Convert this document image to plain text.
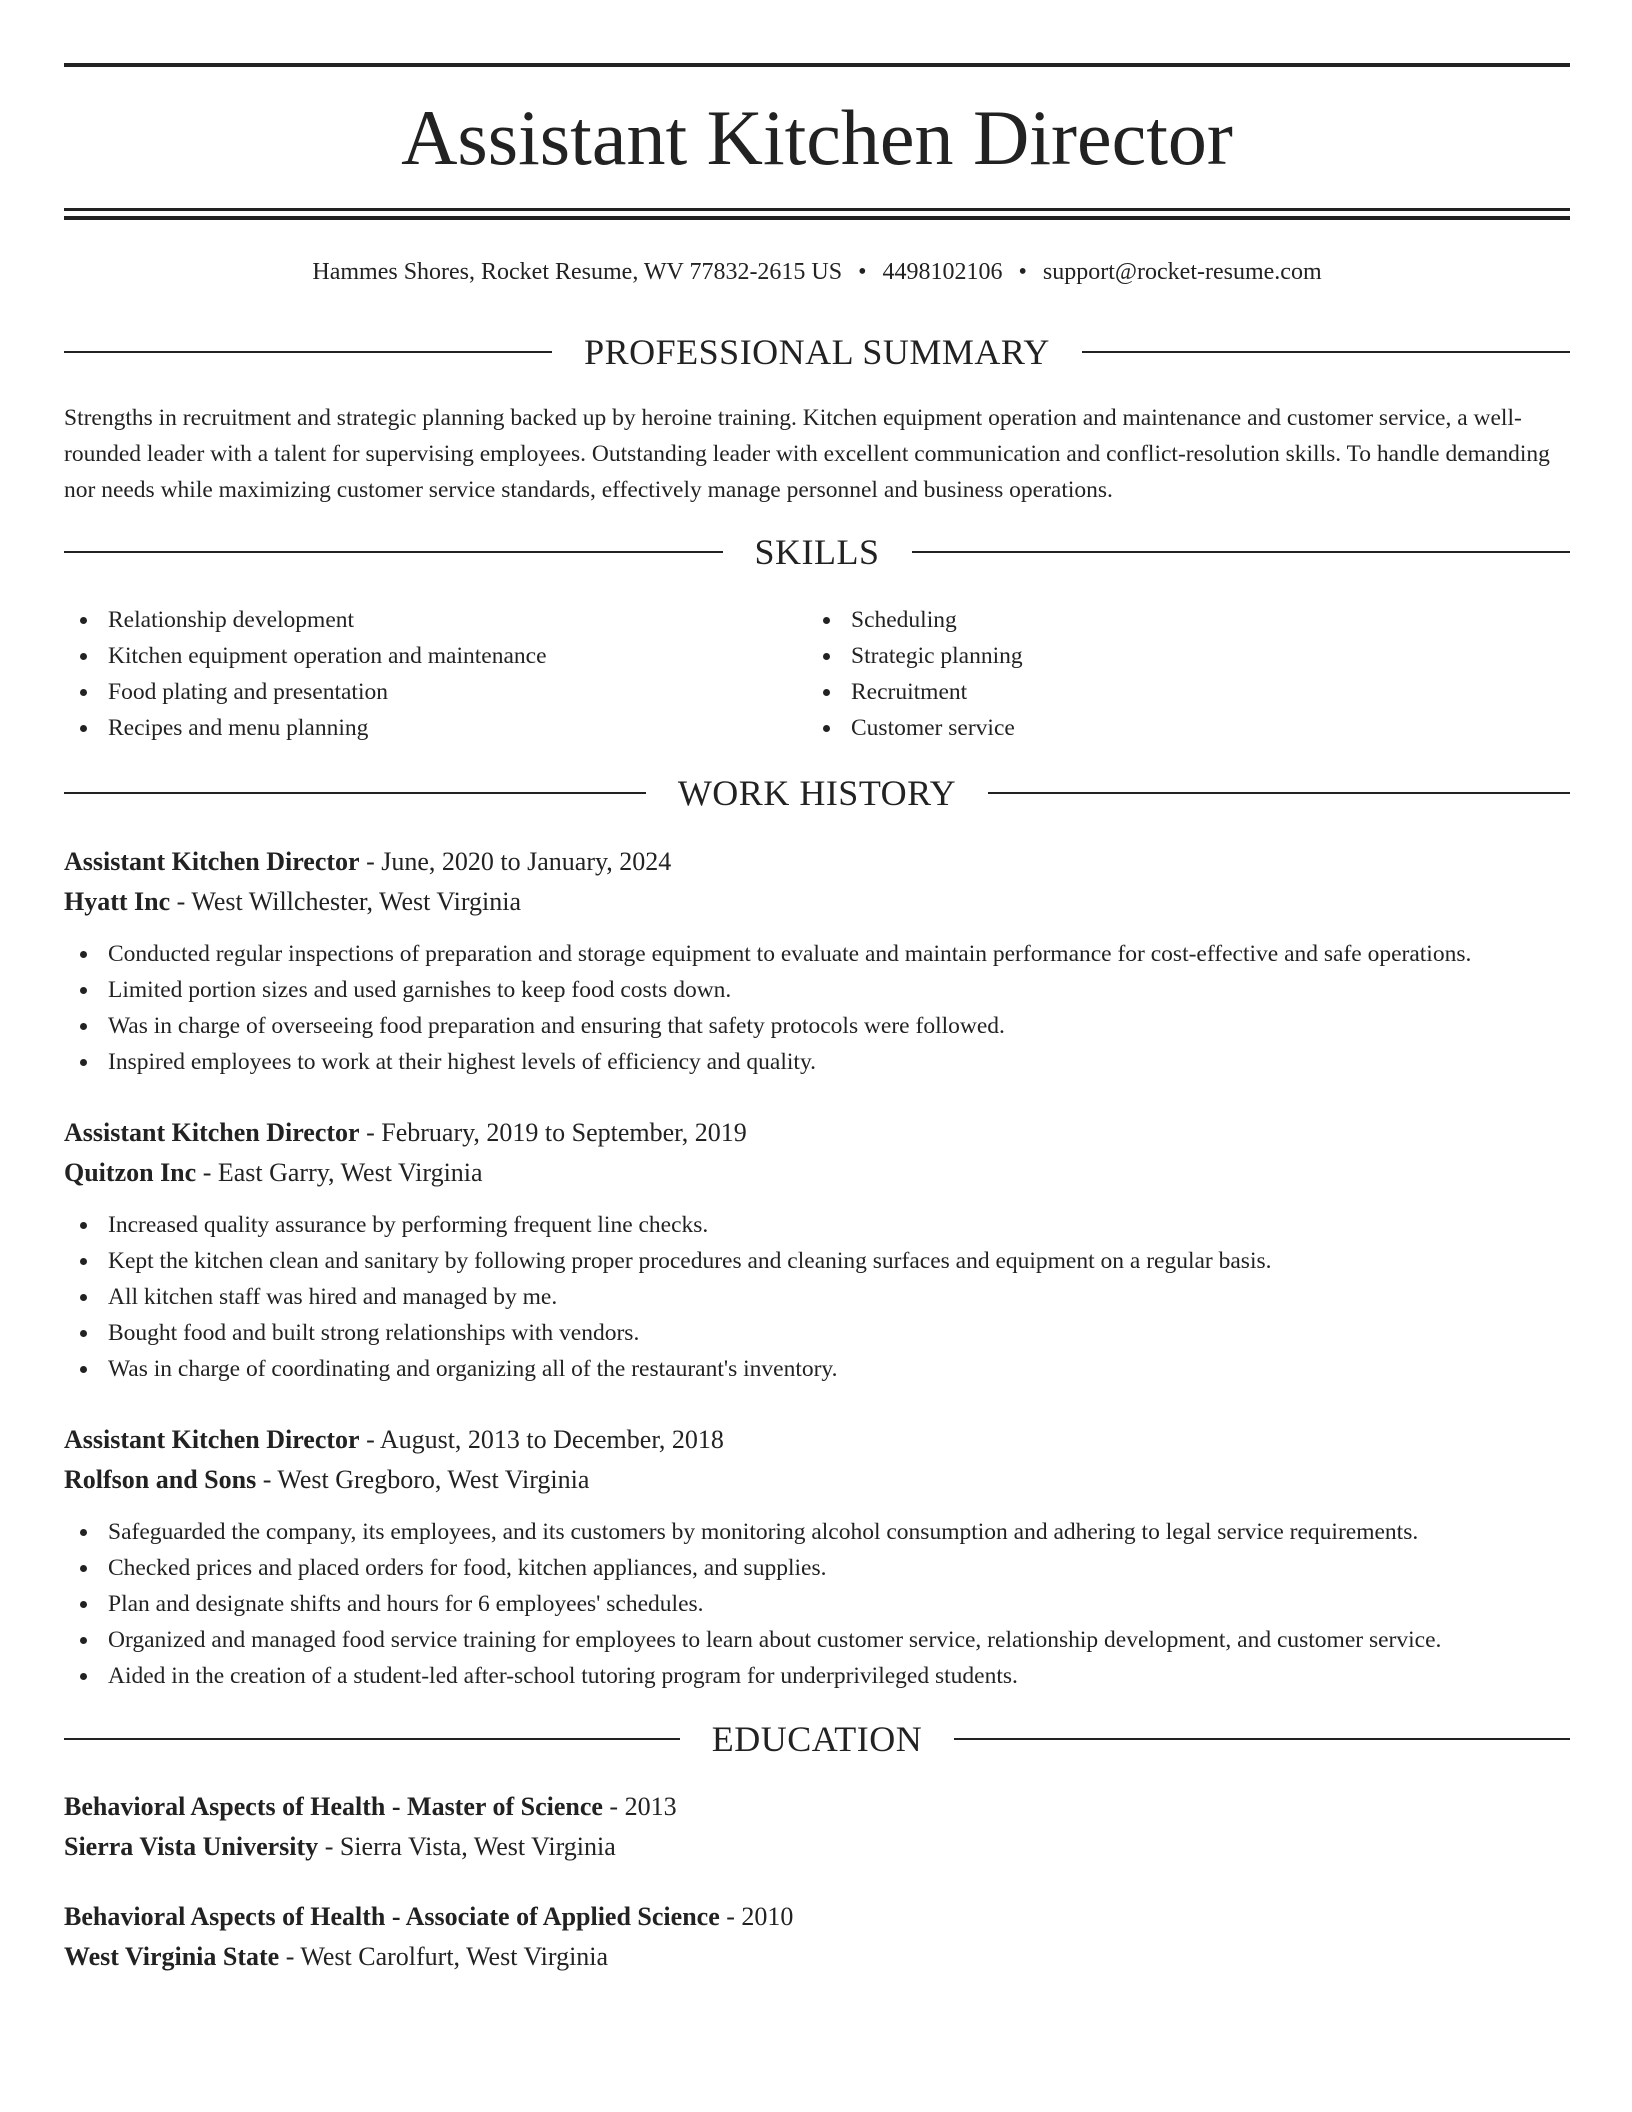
Assistant Kitchen Director
Hammes Shores, Rocket Resume, WV 77832-2615 US • 4498102106 • support@rocket-resume.com
PROFESSIONAL SUMMARY

Strengths in recruitment and strategic planning backed up by heroine training. Kitchen equipment operation and maintenance and customer service, a well-rounded leader with a talent for supervising employees. Outstanding leader with excellent communication and conflict-resolution skills. To handle demanding nor needs while maximizing customer service standards, effectively manage personnel and business operations.

SKILLS
Relationship development
Kitchen equipment operation and maintenance
Food plating and presentation
Recipes and menu planning
Scheduling
Strategic planning
Recruitment
Customer service
WORK HISTORY
Assistant Kitchen Director - June, 2020 to January, 2024
Hyatt Inc - West Willchester, West Virginia
Conducted regular inspections of preparation and storage equipment to evaluate and maintain performance for cost-effective and safe operations.
Limited portion sizes and used garnishes to keep food costs down.
Was in charge of overseeing food preparation and ensuring that safety protocols were followed.
Inspired employees to work at their highest levels of efficiency and quality.
Assistant Kitchen Director - February, 2019 to September, 2019
Quitzon Inc - East Garry, West Virginia
Increased quality assurance by performing frequent line checks.
Kept the kitchen clean and sanitary by following proper procedures and cleaning surfaces and equipment on a regular basis.
All kitchen staff was hired and managed by me.
Bought food and built strong relationships with vendors.
Was in charge of coordinating and organizing all of the restaurant's inventory.
Assistant Kitchen Director - August, 2013 to December, 2018
Rolfson and Sons - West Gregboro, West Virginia
Safeguarded the company, its employees, and its customers by monitoring alcohol consumption and adhering to legal service requirements.
Checked prices and placed orders for food, kitchen appliances, and supplies.
Plan and designate shifts and hours for 6 employees' schedules.
Organized and managed food service training for employees to learn about customer service, relationship development, and customer service.
Aided in the creation of a student-led after-school tutoring program for underprivileged students.
EDUCATION
Behavioral Aspects of Health - Master of Science - 2013
Sierra Vista University - Sierra Vista, West Virginia
Behavioral Aspects of Health - Associate of Applied Science - 2010
West Virginia State - West Carolfurt, West Virginia
